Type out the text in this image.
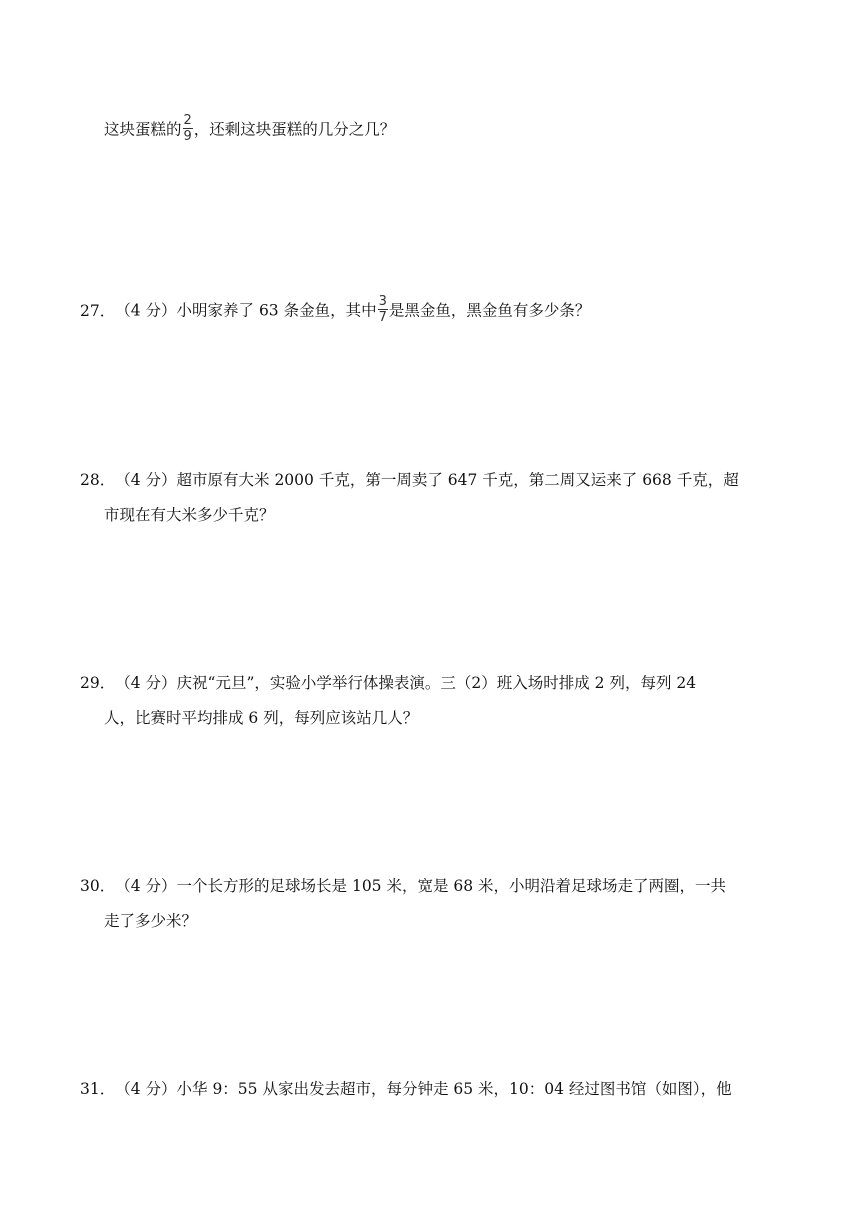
这块蛋糕的 $\frac{2}{9}$ ，还剩这块蛋糕的几分之几？
27．（4 分）小明家养了 63 条金鱼，其中 $\frac{3}{7}$ 是黑金鱼，黑金鱼有多少条？
28．（4 分）超市原有大米 2000 千克，第一周卖了 647 千克，第二周又运来了 668 千克，超
市现在有大米多少千克？
29．（4 分）庆祝“元旦”，实验小学举行体操表演。三（2）班入场时排成 2 列，每列 24
人，比赛时平均排成 6 列，每列应该站几人？
30．（4 分）一个长方形的足球场长是 105 米，宽是 68 米，小明沿着足球场走了两圈，一共
走了多少米？
31．（4 分）小华 9：55 从家出发去超市，每分钟走 65 米，10：04 经过图书馆（如图），他
